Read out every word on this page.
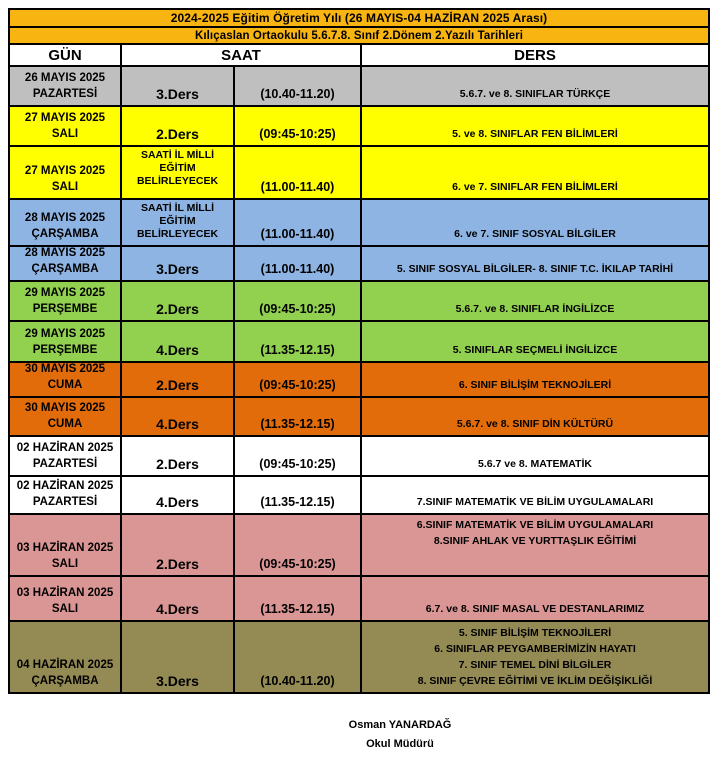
2024-2025 Eğitim Öğretim Yılı (26 MAYIS-04 HAZİRAN 2025 Arası)
Kılıçaslan Ortaokulu 5.6.7.8. Sınıf 2.Dönem 2.Yazılı Tarihleri
GÜN	SAAT	DERS
26 MAYIS 2025
PAZARTESİ	3.Ders	(10.40-11.20)	5.6.7. ve 8. SINIFLAR TÜRKÇE
27 MAYIS 2025
SALI	2.Ders	(09:45-10:25)	5. ve 8. SINIFLAR FEN BİLİMLERİ
27 MAYIS 2025
SALI
SAATİ İL MİLLİ EĞİTİM BELİRLEYECEK	(11.00-11.40)	6. ve 7. SINIFLAR FEN BİLİMLERİ
28 MAYIS 2025
ÇARŞAMBA
SAATİ İL MİLLİ EĞİTİM BELİRLEYECEK	(11.00-11.40)	6. ve 7. SINIF SOSYAL BİLGİLER
28 MAYIS 2025
ÇARŞAMBA	3.Ders	(11.00-11.40)	5. SINIF SOSYAL BİLGİLER- 8. SINIF T.C. İKILAP TARİHİ
29 MAYIS 2025
PERŞEMBE	2.Ders	(09:45-10:25)	5.6.7. ve 8. SINIFLAR İNGİLİZCE
29 MAYIS 2025
PERŞEMBE	4.Ders	(11.35-12.15)	5. SINIFLAR SEÇMELİ İNGİLİZCE
30 MAYIS 2025
CUMA	2.Ders	(09:45-10:25)	6. SINIF BİLİŞİM TEKNOJİLERİ
30 MAYIS 2025
CUMA	4.Ders	(11.35-12.15)	5.6.7. ve 8. SINIF DİN KÜLTÜRÜ
02 HAZİRAN 2025
PAZARTESİ	2.Ders	(09:45-10:25)	5.6.7 ve 8. MATEMATİK
02 HAZİRAN 2025
PAZARTESİ	4.Ders	(11.35-12.15)	7.SINIF MATEMATİK VE BİLİM UYGULAMALARI
03 HAZİRAN 2025
SALI	2.Ders	(09:45-10:25)
6.SINIF MATEMATİK VE BİLİM UYGULAMALARI
8.SINIF AHLAK VE YURTTAŞLIK EĞİTİMİ
03 HAZİRAN 2025
SALI	4.Ders	(11.35-12.15)	6.7. ve 8. SINIF MASAL VE DESTANLARIMIZ
04 HAZİRAN 2025
ÇARŞAMBA	3.Ders	(10.40-11.20)
5. SINIF BİLİŞİM TEKNOJİLERİ
6. SINIFLAR PEYGAMBERİMİZİN HAYATI
7. SINIF TEMEL DİNİ BİLGİLER
8. SINIF ÇEVRE EĞİTİMİ VE İKLİM DEĞİŞİKLİĞİ
Osman YANARDAĞ
Okul Müdürü
